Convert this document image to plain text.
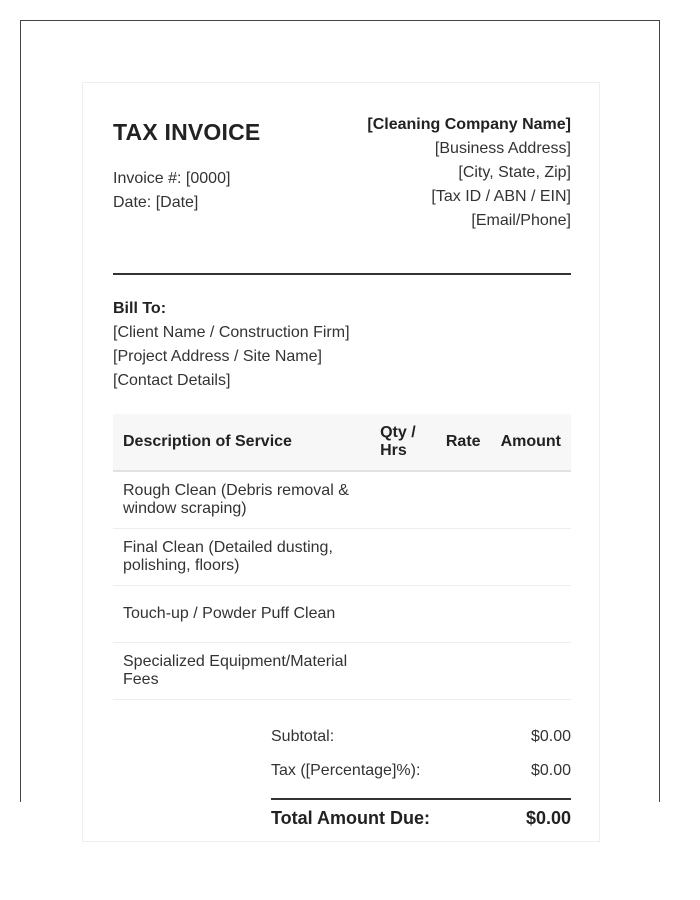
TAX INVOICE
Invoice #: [0000]
Date: [Date]
[Cleaning Company Name]
[Business Address]
[City, State, Zip]
[Tax ID / ABN / EIN]
[Email/Phone]
Bill To:
[Client Name / Construction Firm]
[Project Address / Site Name]
[Contact Details]
Description of Service	Qty / Hrs	Rate	Amount
Rough Clean (Debris removal & window scraping)			
Final Clean (Detailed dusting, polishing, floors)			
Touch-up / Powder Puff Clean			
Specialized Equipment/Material Fees			
Subtotal:	$0.00
Tax ([Percentage]%):	$0.00
Total Amount Due:	$0.00
